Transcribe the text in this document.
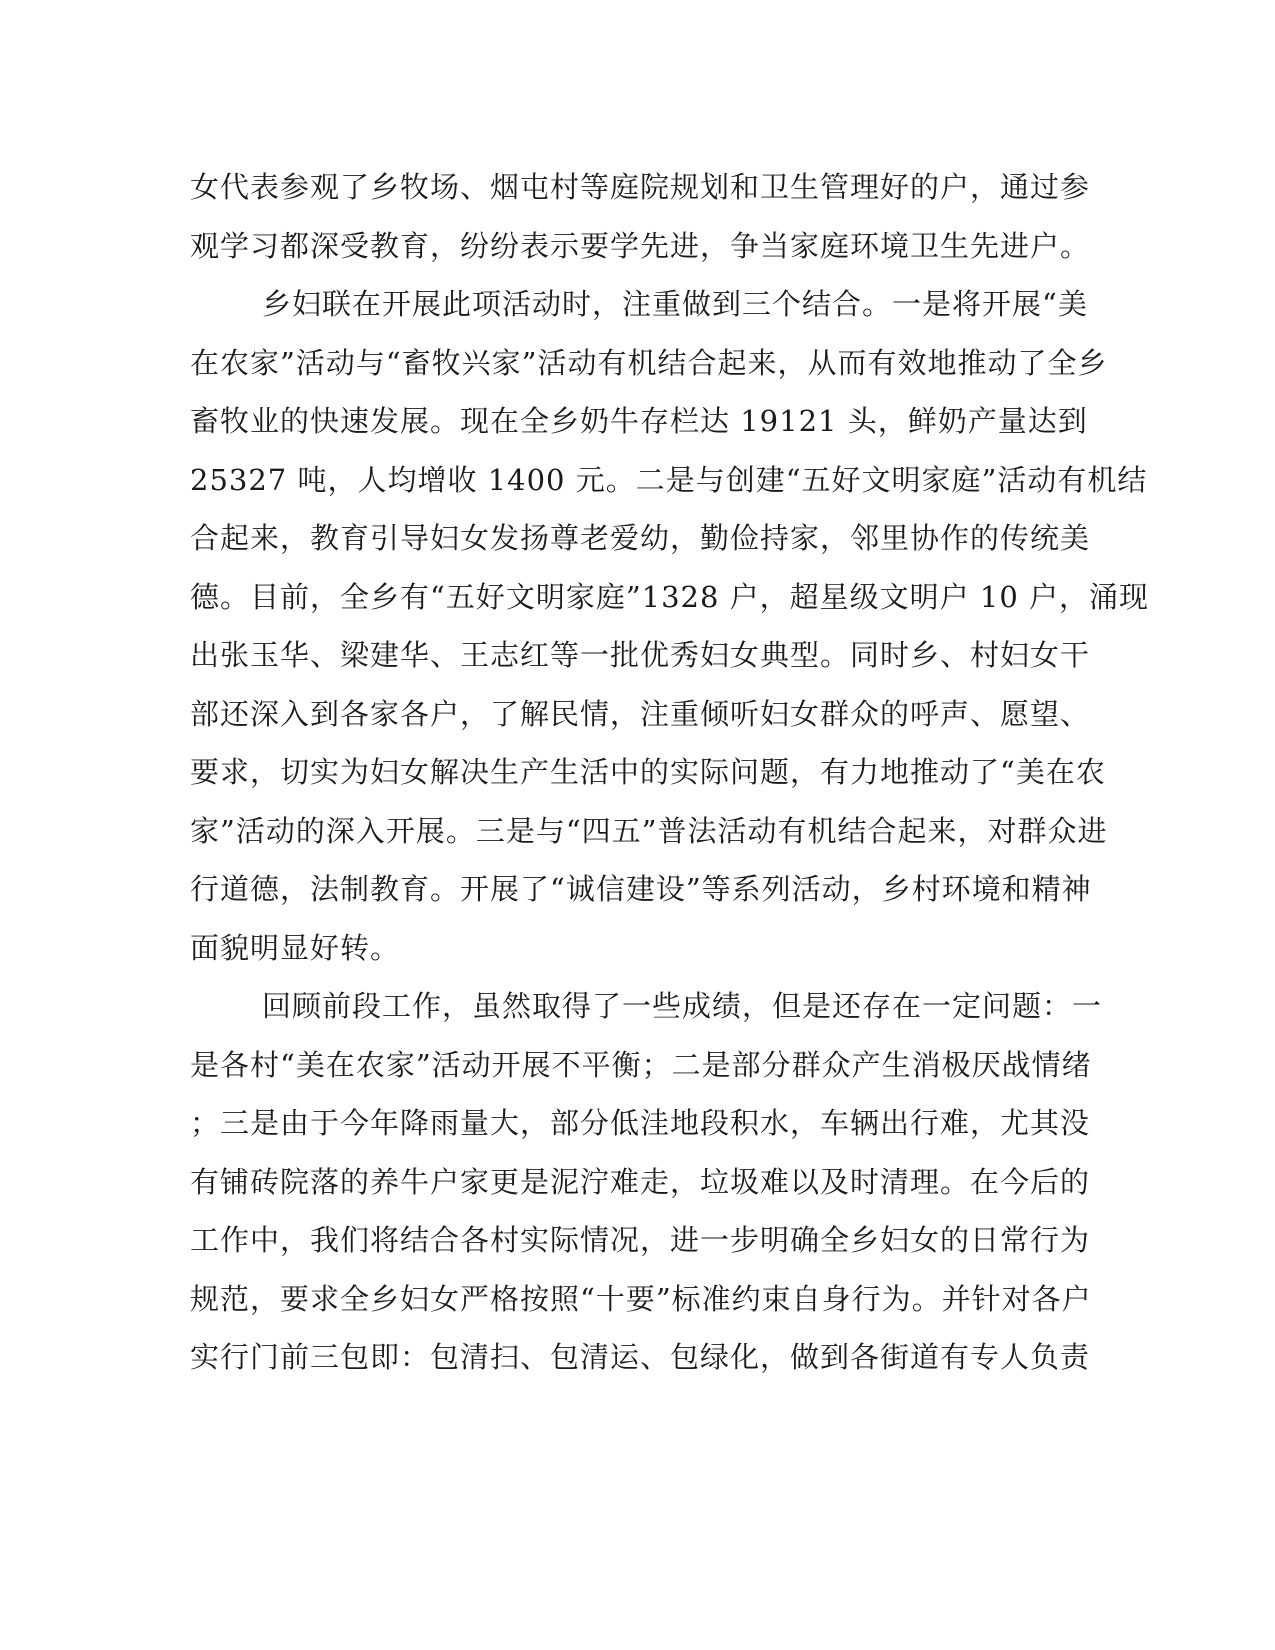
女代表参观了乡牧场、烟屯村等庭院规划和卫生管理好的户，通过参
观学习都深受教育，纷纷表示要学先进，争当家庭环境卫生先进户。
乡妇联在开展此项活动时，注重做到三个结合。一是将开展“美
在农家”活动与“畜牧兴家”活动有机结合起来，从而有效地推动了全乡
畜牧业的快速发展。现在全乡奶牛存栏达 19121 头，鲜奶产量达到
25327 吨，人均增收 1400 元。二是与创建“五好文明家庭”活动有机结
合起来，教育引导妇女发扬尊老爱幼，勤俭持家，邻里协作的传统美
德。目前，全乡有“五好文明家庭”1328 户，超星级文明户 10 户，涌现
出张玉华、梁建华、王志红等一批优秀妇女典型。同时乡、村妇女干
部还深入到各家各户，了解民情，注重倾听妇女群众的呼声、愿望、
要求，切实为妇女解决生产生活中的实际问题，有力地推动了“美在农
家”活动的深入开展。三是与“四五”普法活动有机结合起来，对群众进
行道德，法制教育。开展了“诚信建设”等系列活动，乡村环境和精神
面貌明显好转。
回顾前段工作，虽然取得了一些成绩，但是还存在一定问题：一
是各村“美在农家”活动开展不平衡；二是部分群众产生消极厌战情绪
；三是由于今年降雨量大，部分低洼地段积水，车辆出行难，尤其没
有铺砖院落的养牛户家更是泥泞难走，垃圾难以及时清理。在今后的
工作中，我们将结合各村实际情况，进一步明确全乡妇女的日常行为
规范，要求全乡妇女严格按照“十要”标准约束自身行为。并针对各户
实行门前三包即：包清扫、包清运、包绿化，做到各街道有专人负责
